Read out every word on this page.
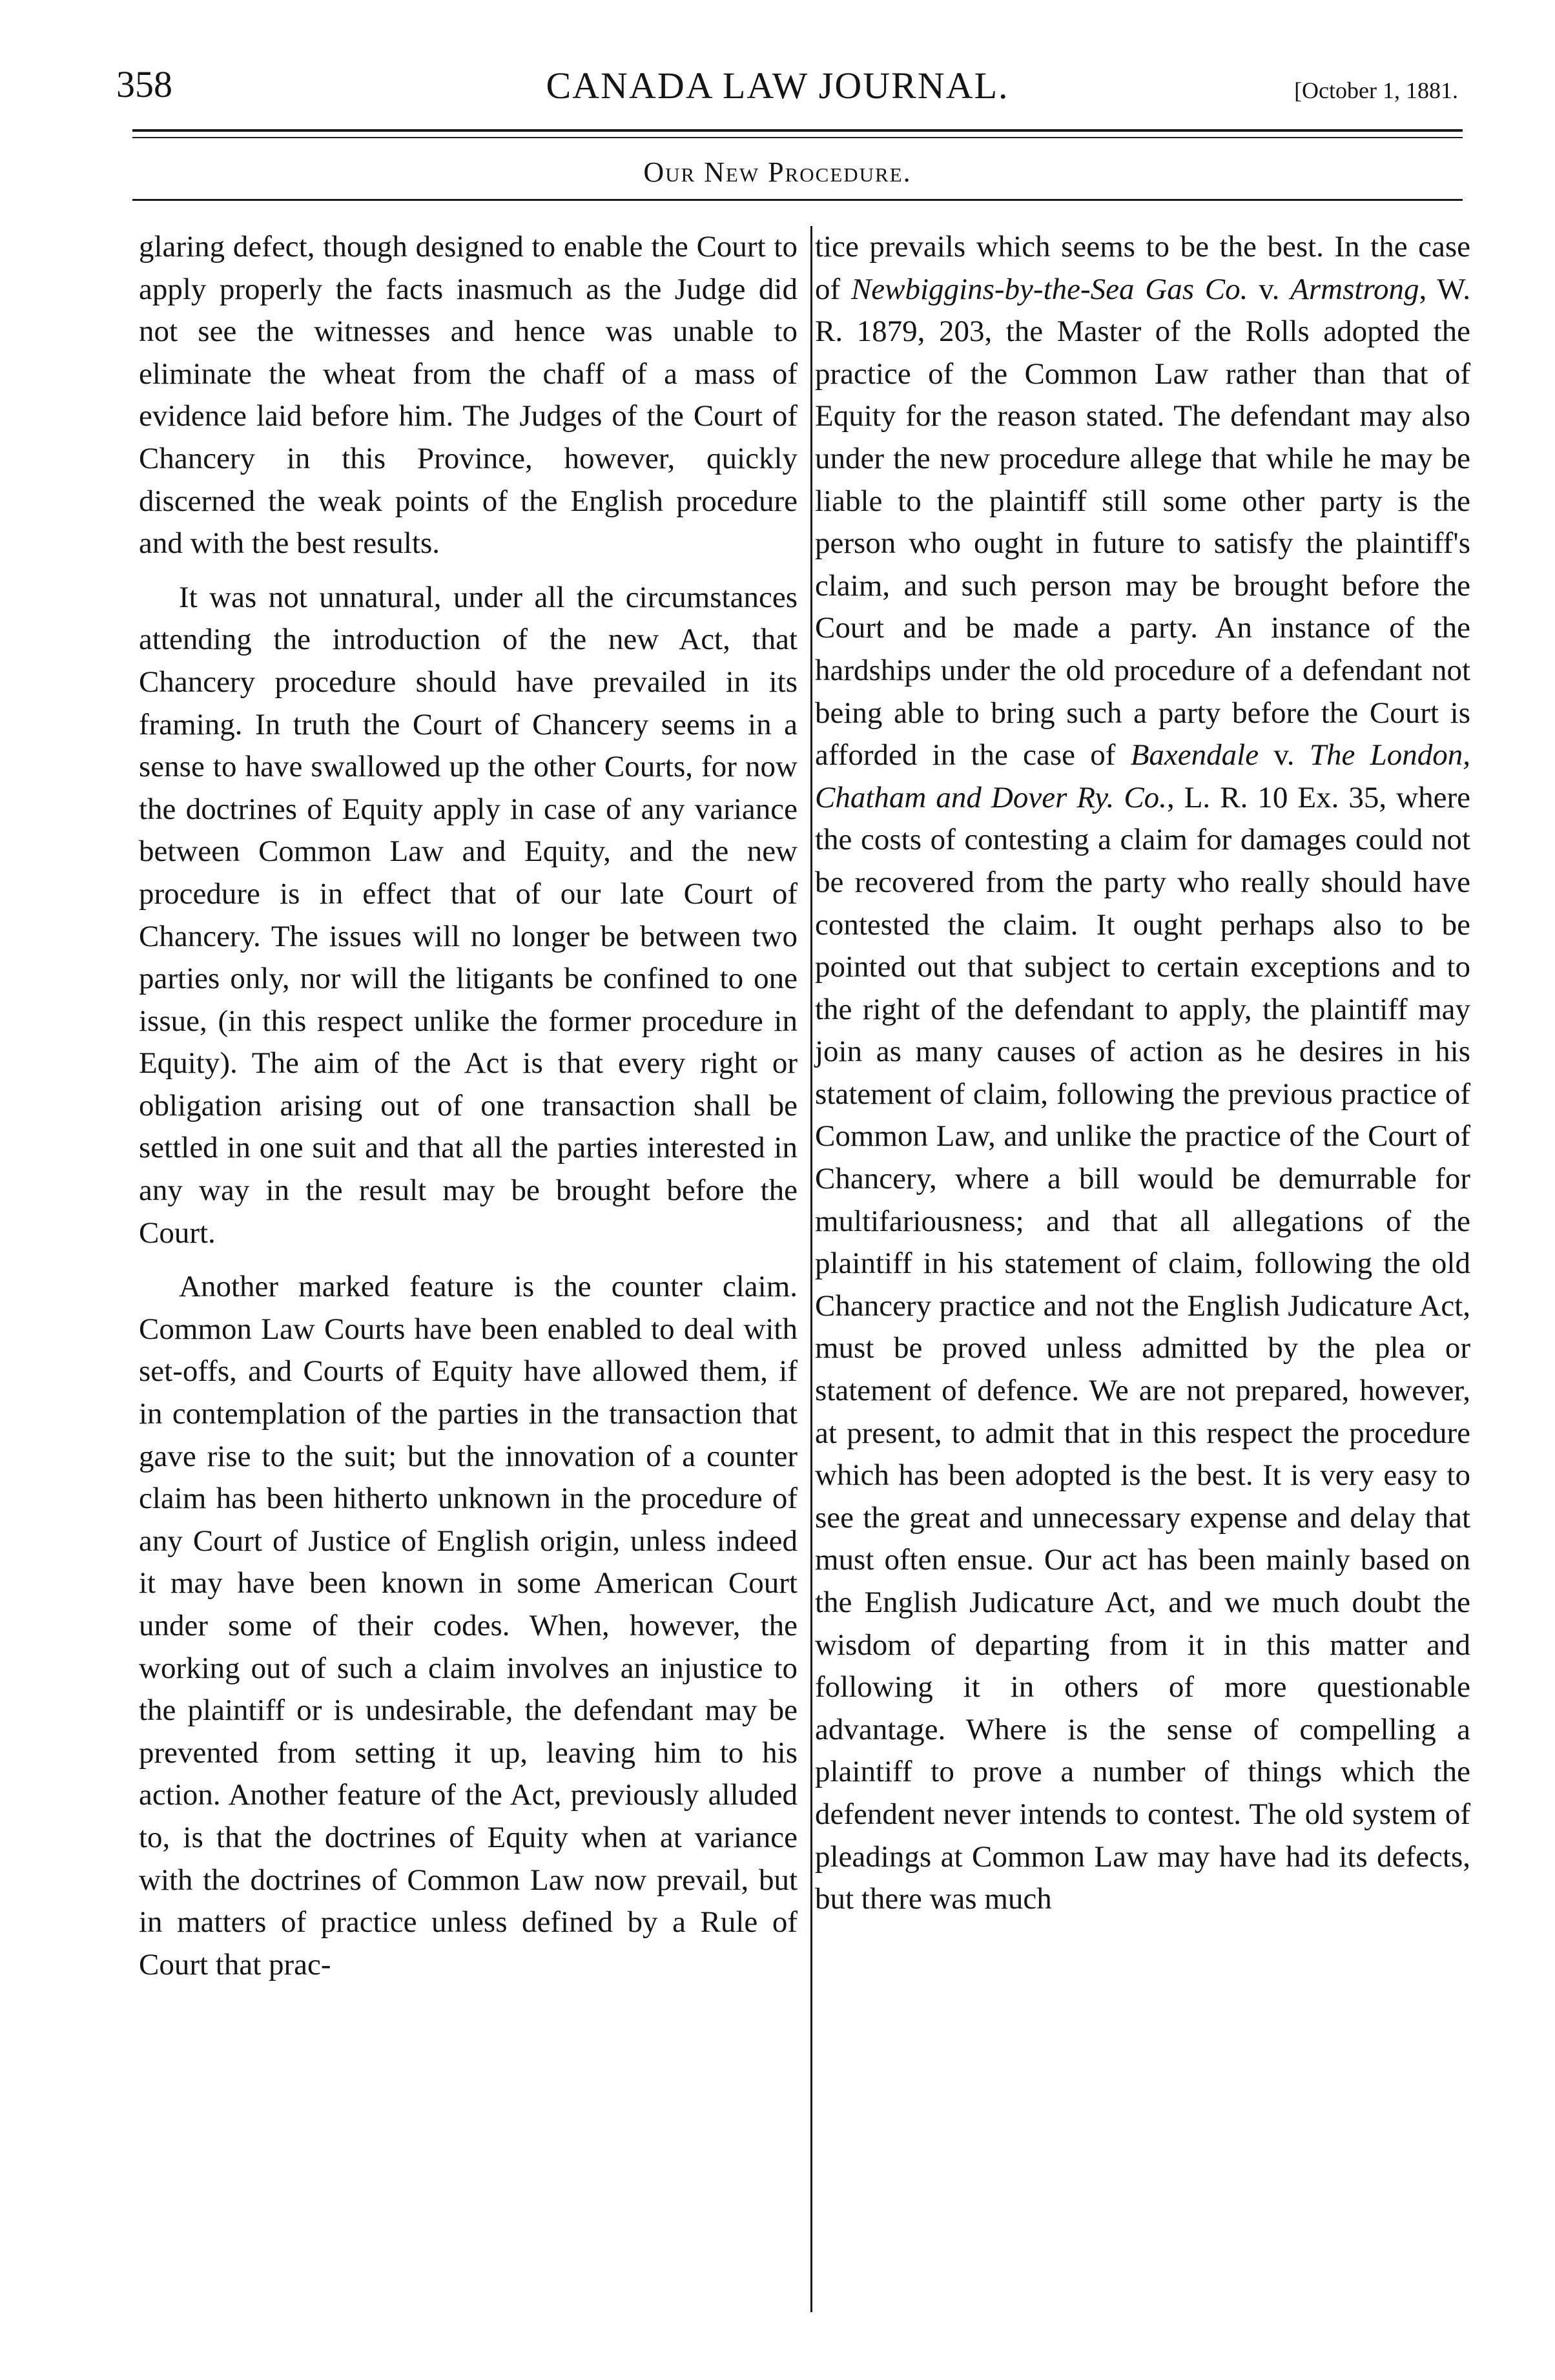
358	CANADA LAW JOURNAL.	[October 1, 1881.
Our New Procedure.

glaring defect, though designed to enable the Court to apply properly the facts inasmuch as the Judge did not see the witnesses and hence was unable to eliminate the wheat from the chaff of a mass of evidence laid before him. The Judges of the Court of Chancery in this Province, however, quickly discerned the weak points of the English procedure and with the best results.

It was not unnatural, under all the circumstances attending the introduction of the new Act, that Chancery procedure should have prevailed in its framing. In truth the Court of Chancery seems in a sense to have swallowed up the other Courts, for now the doctrines of Equity apply in case of any variance between Common Law and Equity, and the new procedure is in effect that of our late Court of Chancery. The issues will no longer be between two parties only, nor will the litigants be confined to one issue, (in this respect unlike the former procedure in Equity). The aim of the Act is that every right or obligation arising out of one transaction shall be settled in one suit and that all the parties interested in any way in the result may be brought before the Court.

Another marked feature is the counter claim. Common Law Courts have been enabled to deal with set-offs, and Courts of Equity have allowed them, if in contemplation of the parties in the transaction that gave rise to the suit; but the innovation of a counter claim has been hitherto unknown in the procedure of any Court of Justice of English origin, unless indeed it may have been known in some American Court under some of their codes. When, however, the working out of such a claim involves an injustice to the plaintiff or is undesirable, the defendant may be prevented from setting it up, leaving him to his action. Another feature of the Act, previously alluded to, is that the doctrines of Equity when at variance with the doctrines of Common Law now prevail, but in matters of practice unless defined by a Rule of Court that prac-

tice prevails which seems to be the best. In the case of Newbiggins-by-the-Sea Gas Co. v. Armstrong, W. R. 1879, 203, the Master of the Rolls adopted the practice of the Common Law rather than that of Equity for the reason stated. The defendant may also under the new procedure allege that while he may be liable to the plaintiff still some other party is the person who ought in future to satisfy the plaintiff's claim, and such person may be brought before the Court and be made a party. An instance of the hardships under the old procedure of a defendant not being able to bring such a party before the Court is afforded in the case of Baxendale v. The London, Chatham and Dover Ry. Co., L. R. 10 Ex. 35, where the costs of contesting a claim for damages could not be recovered from the party who really should have contested the claim. It ought perhaps also to be pointed out that subject to certain exceptions and to the right of the defendant to apply, the plaintiff may join as many causes of action as he desires in his statement of claim, following the previous practice of Common Law, and unlike the practice of the Court of Chancery, where a bill would be demurrable for multifariousness; and that all allegations of the plaintiff in his statement of claim, following the old Chancery practice and not the English Judicature Act, must be proved unless admitted by the plea or statement of defence. We are not prepared, however, at present, to admit that in this respect the procedure which has been adopted is the best. It is very easy to see the great and unnecessary expense and delay that must often ensue. Our act has been mainly based on the English Judicature Act, and we much doubt the wisdom of departing from it in this matter and following it in others of more questionable advantage. Where is the sense of compelling a plaintiff to prove a number of things which the defendent never intends to contest. The old system of pleadings at Common Law may have had its defects, but there was much
